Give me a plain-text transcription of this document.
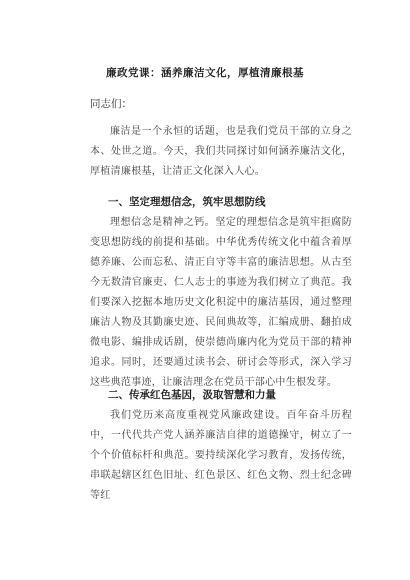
廉政党课：涵养廉洁文化，厚植清廉根基
同志们：
廉洁是一个永恒的话题，也是我们党员干部的立身之本、处世之道。今天，我们共同探讨如何涵养廉洁文化，厚植清廉根基，让清正文化深入人心。
一、坚定理想信念，筑牢思想防线
理想信念是精神之钙。坚定的理想信念是筑牢拒腐防变思想防线的前提和基础。中华优秀传统文化中蕴含着厚德养廉、公而忘私、清正自守等丰富的廉洁思想。从古至今无数清官廉吏、仁人志士的事迹为我们树立了典范。我们要深入挖掘本地历史文化积淀中的廉洁基因，通过整理廉洁人物及其勤廉史迹、民间典故等，汇编成册、翻拍成微电影、编排成话剧，使崇德尚廉内化为党员干部的精神追求。同时，还要通过读书会、研讨会等形式，深入学习这些典范事迹，让廉洁理念在党员干部心中生根发芽。
二、传承红色基因，汲取智慧和力量
我们党历来高度重视党风廉政建设。百年奋斗历程中，一代代共产党人涵养廉洁自律的道德操守，树立了一个个价值标杆和典范。要持续深化学习教育，发扬传统，串联起辖区红色旧址、红色景区、红色文物、烈士纪念碑等红
